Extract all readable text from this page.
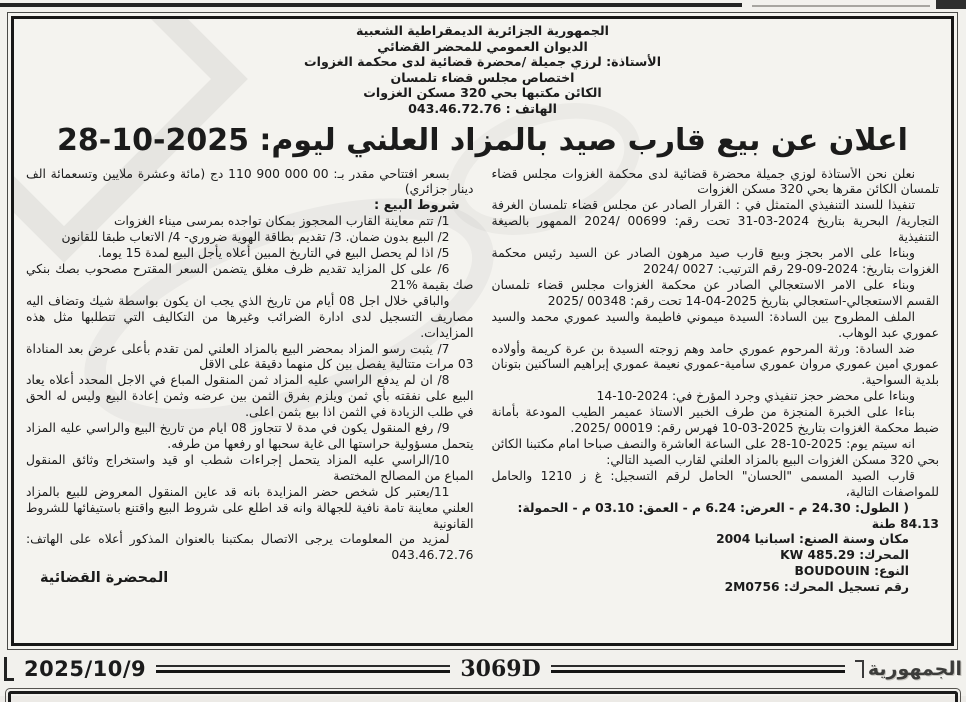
الجمهورية الجزائرية الديمقراطية الشعبية
الديوان العمومي للمحضر القضائي
الأستاذة: لرزي جميلة /محضرة قضائية لدى محكمة الغزوات
اختصاص مجلس قضاء تلمسان
الكائن مكتبها بحي 320 مسكن الغزوات
الهاتف : 043.46.72.76
اعلان عن بيع قارب صيد بالمزاد العلني ليوم: 2025-10-28

نعلن نحن الأستاذة لوزي جميلة محضرة قضائية لدى محكمة الغزوات مجلس قضاء تلمسان الكائن مقرها بحي 320 مسكن الغزوات

تنفيذا للسند التنفيذي المتمثل في : القرار الصادر عن مجلس قضاء تلمسان الغرفة التجارية/ البحرية بتاريخ 2024-03-31 تحت رقم: 00699 /2024 الممهور بالصيغة التنفيذية

وبناءا على الامر بحجز وبيع قارب صيد مرهون الصادر عن السيد رئيس محكمة الغزوات بتاريخ: 2024-09-29 رقم الترتيب: 0027 /2024

وبناء على الامر الاستعجالي الصادر عن محكمة الغزوات مجلس قضاء تلمسان القسم الاستعجالي-استعجالي بتاريخ 2025-04-14 تحت رقم: 00348 /2025

الملف المطروح بين السادة: السيدة ميموني فاطيمة والسيد عموري محمد والسيد عموري عبد الوهاب.

ضد السادة: ورثة المرحوم عموري حامد وهم زوجته السيدة بن عرة كريمة وأولاده عموري امين عموري مروان عموري سامية-عموري نعيمة عموري إبراهيم الساكنين بتونان بلدية السواحية.

وبناءا على محضر حجز تنفيذي وجرد المؤرخ في: 2024-10-14

بناءا على الخبرة المنجزة من طرف الخبير الاستاذ عميمر الطيب المودعة بأمانة ضبط محكمة الغزوات بتاريخ 2025-03-10 فهرس رقم: 00019 /2025.

انه سيتم يوم: 2025-10-28 على الساعة العاشرة والنصف صباحا امام مكتبنا الكائن بحي 320 مسكن الغزوات البيع بالمزاد العلني لقارب الصيد التالي:

قارب الصيد المسمى "الحسان" الحامل لرقم التسجيل: غ ز 1210 والحامل للمواصفات التالية،

( الطول: 24.30 م - العرض: 6.24 م - العمق: 03.10 م - الحمولة: 84.13 طنة

مكان وسنة الصنع: اسبانيا 2004

المحرك: 485.29 KW

النوع: BOUDOUIN

رقم تسجيل المحرك: 2M0756

بسعر افتتاحي مقدر بـ: ⁦110 900 000 00⁩ دج (مائة وعشرة ملايين وتسعمائة الف دينار جزائري)

شروط البيع :

1/ تتم معاينة القارب المحجوز بمكان تواجده بمرسى ميناء الغزوات

2/ البيع بدون ضمان. 3/ تقديم بطاقة الهوية ضروري- 4/ الاتعاب طبقا للقانون

5/ اذا لم يحصل البيع في التاريخ المبين أعلاه يأجل البيع لمدة 15 يوما.

6/ على كل المزايد تقديم ظرف مغلق يتضمن السعر المقترح مصحوب بصك بنكي صك بقيمة %21

والباقي خلال اجل 08 أيام من تاريخ الذي يجب ان يكون بواسطة شيك وتضاف اليه مصاريف التسجيل لدى ادارة الضرائب وغيرها من التكاليف التي تتطلبها مثل هذه المزايدات.

7/ يثبت رسو المزاد بمحضر البيع بالمزاد العلني لمن تقدم بأعلى عرض بعد المناداة 03 مرات متتالية يفصل بين كل منهما دقيقة على الاقل

8/ ان لم يدفع الراسي عليه المزاد ثمن المنقول المباع في الاجل المحدد أعلاه يعاد البيع على نفقته بأي ثمن ويلزم بفرق الثمن بين عرضه وثمن إعادة البيع وليس له الحق في طلب الزيادة في الثمن اذا بيع بثمن اعلى.

9/ رفع المنقول يكون في مدة لا تتجاوز 08 ايام من تاريخ البيع والراسي عليه المزاد يتحمل مسؤولية حراستها الى غاية سحبها او رفعها من طرفه.

10/الراسي عليه المزاد يتحمل إجراءات شطب او قيد واستخراج وثائق المنقول المباع من المصالح المختصة

11/يعتبر كل شخص حضر المزايدة بانه قد عاين المنقول المعروض للبيع بالمزاد العلني معاينة تامة نافية للجهالة وانه قد اطلع على شروط البيع واقتنع باستيفائها للشروط القانونية

لمزيد من المعلومات يرجى الاتصال بمكتبنا بالعنوان المذكور أعلاه على الهاتف: 043.46.72.76

المحضرة القضائية
2025/10/9	3069D	الجمهورية
